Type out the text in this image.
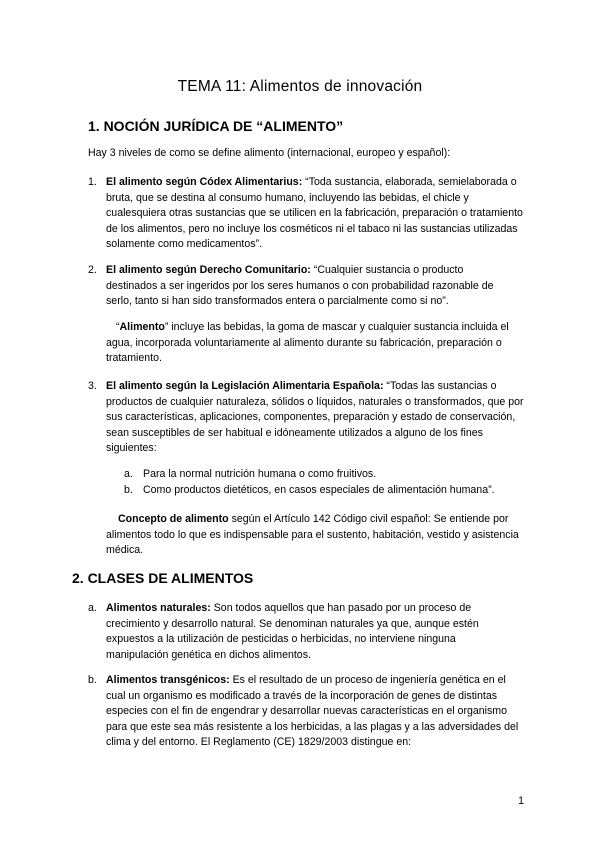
TEMA 11: Alimentos de innovación
1. NOCIÓN JURÍDICA DE “ALIMENTO”

Hay 3 niveles de como se define alimento (internacional, europeo y español):

1. El alimento según Códex Alimentarius: “Toda sustancia, elaborada, semielaborada o bruta, que se destina al consumo humano, incluyendo las bebidas, el chicle y cualesquiera otras sustancias que se utilicen en la fabricación, preparación o tratamiento de los alimentos, pero no incluye los cosméticos ni el tabaco ni las sustancias utilizadas solamente como medicamentos”.

2. El alimento según Derecho Comunitario: “Cualquier sustancia o producto destinados a ser ingeridos por los seres humanos o con probabilidad razonable de serlo, tanto si han sido transformados entera o parcialmente como si no”.

“Alimento” incluye las bebidas, la goma de mascar y cualquier sustancia incluida el agua, incorporada voluntariamente al alimento durante su fabricación, preparación o tratamiento.

3. El alimento según la Legislación Alimentaria Española: “Todas las sustancias o productos de cualquier naturaleza, sólidos o líquidos, naturales o transformados, que por sus características, aplicaciones, componentes, preparación y estado de conservación, sean susceptibles de ser habitual e idóneamente utilizados a alguno de los fines siguientes:

a. Para la normal nutrición humana o como fruitivos.

b. Como productos dietéticos, en casos especiales de alimentación humana”.

Concepto de alimento según el Artículo 142 Código civil español: Se entiende por alimentos todo lo que es indispensable para el sustento, habitación, vestido y asistencia médica.

2. CLASES DE ALIMENTOS
a. Alimentos naturales: Son todos aquellos que han pasado por un proceso de crecimiento y desarrollo natural. Se denominan naturales ya que, aunque estén expuestos a la utilización de pesticidas o herbicidas, no interviene ninguna manipulación genética en dichos alimentos.

b. Alimentos transgénicos: Es el resultado de un proceso de ingeniería genética en el cual un organismo es modificado a través de la incorporación de genes de distintas especies con el fin de engendrar y desarrollar nuevas características en el organismo para que este sea más resistente a los herbicidas, a las plagas y a las adversidades del clima y del entorno. El Reglamento (CE) 1829/2003 distingue en:

1
